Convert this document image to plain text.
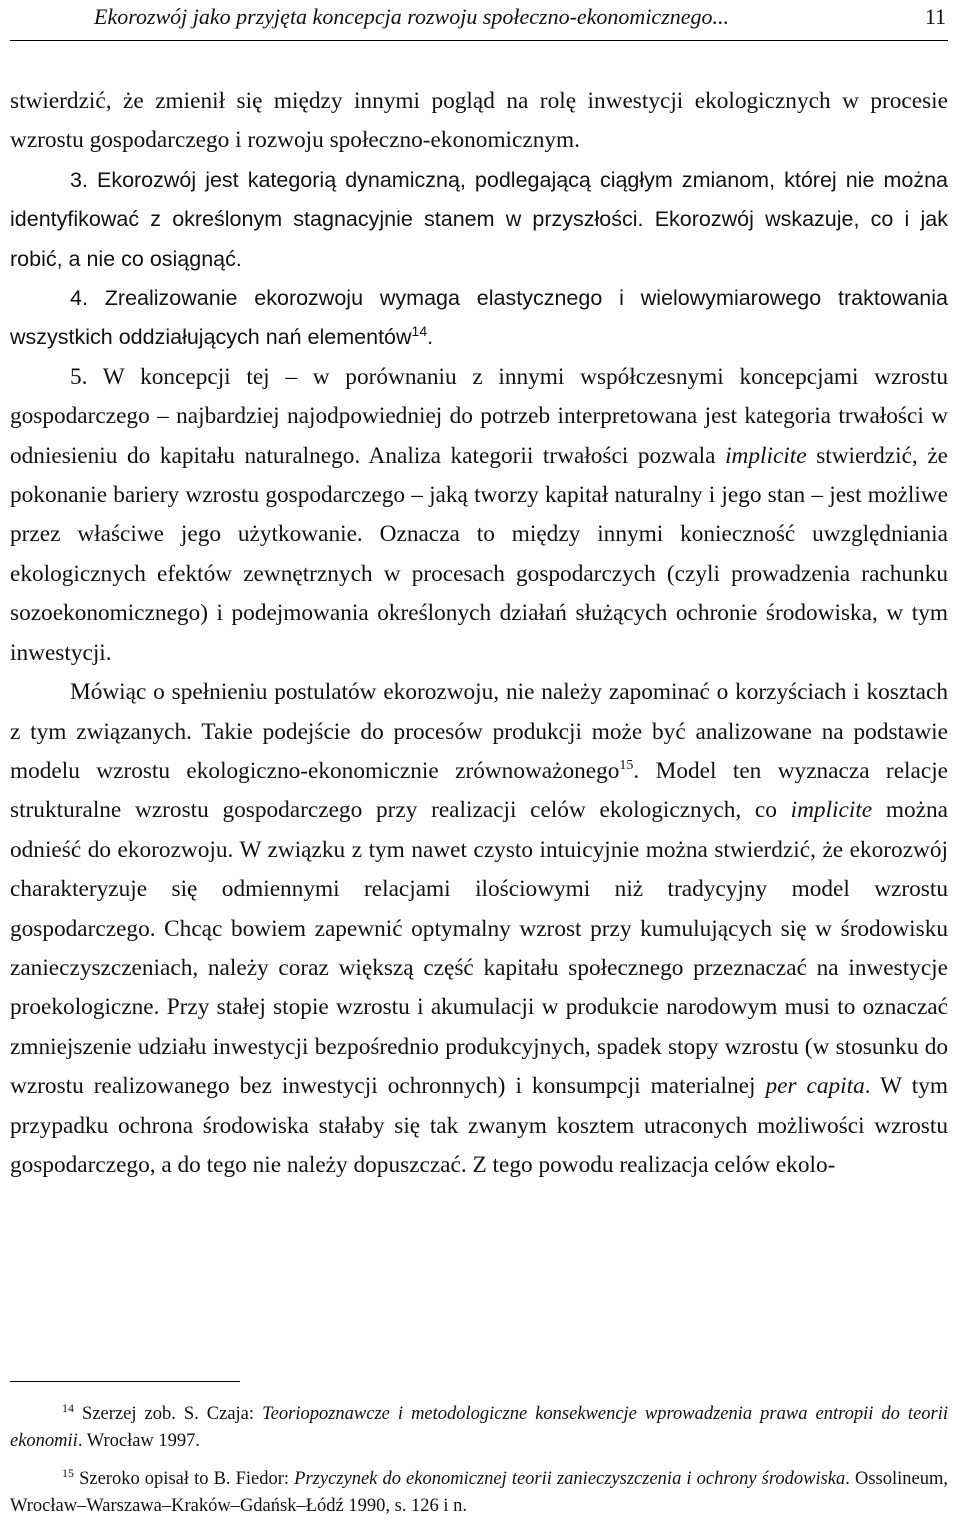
Ekorozwój jako przyjęta koncepcja rozwoju społeczno-ekonomicznego...	11

stwierdzić, że zmienił się między innymi pogląd na rolę inwestycji ekologicznych w procesie wzrostu gospodarczego i rozwoju społeczno-ekonomicznym.

3. Ekorozwój jest kategorią dynamiczną, podlegającą ciągłym zmianom, której nie można identyfikować z określonym stagnacyjnie stanem w przyszłości. Ekorozwój wskazuje, co i jak robić, a nie co osiągnąć.

4. Zrealizowanie ekorozwoju wymaga elastycznego i wielowymiarowego traktowania wszystkich oddziałujących nań elementów$^{14}$.

5. W koncepcji tej – w porównaniu z innymi współczesnymi koncepcjami wzrostu gospodarczego – najbardziej najodpowiedniej do potrzeb interpretowana jest kategoria trwałości w odniesieniu do kapitału naturalnego. Analiza kategorii trwałości pozwala implicite stwierdzić, że pokonanie bariery wzrostu gospodarczego – jaką tworzy kapitał naturalny i jego stan – jest możliwe przez właściwe jego użytkowanie. Oznacza to między innymi konieczność uwzględniania ekologicznych efektów zewnętrznych w procesach gospodarczych (czyli prowadzenia rachunku sozoekonomicznego) i podejmowania określonych działań służących ochronie środowiska, w tym inwestycji.

Mówiąc o spełnieniu postulatów ekorozwoju, nie należy zapominać o korzyściach i kosztach z tym związanych. Takie podejście do procesów produkcji może być analizowane na podstawie modelu wzrostu ekologiczno-ekonomicznie zrównoważonego$^{15}$. Model ten wyznacza relacje strukturalne wzrostu gospodarczego przy realizacji celów ekologicznych, co implicite można odnieść do ekorozwoju. W związku z tym nawet czysto intuicyjnie można stwierdzić, że ekorozwój charakteryzuje się odmiennymi relacjami ilościowymi niż tradycyjny model wzrostu gospodarczego. Chcąc bowiem zapewnić optymalny wzrost przy kumulujących się w środowisku zanieczyszczeniach, należy coraz większą część kapitału społecznego przeznaczać na inwestycje proekologiczne. Przy stałej stopie wzrostu i akumulacji w produkcie narodowym musi to oznaczać zmniejszenie udziału inwestycji bezpośrednio produkcyjnych, spadek stopy wzrostu (w stosunku do wzrostu realizowanego bez inwestycji ochronnych) i konsumpcji materialnej per capita. W tym przypadku ochrona środowiska stałaby się tak zwanym kosztem utraconych możliwości wzrostu gospodarczego, a do tego nie należy dopuszczać. Z tego powodu realizacja celów ekolo-

$^{14}$ Szerzej zob. S. Czaja: Teoriopoznawcze i metodologiczne konsekwencje wprowadzenia prawa entropii do teorii ekonomii. Wrocław 1997.

$^{15}$ Szeroko opisał to B. Fiedor: Przyczynek do ekonomicznej teorii zanieczyszczenia i ochrony środowiska. Ossolineum, Wrocław–Warszawa–Kraków–Gdańsk–Łódź 1990, s. 126 i n.
